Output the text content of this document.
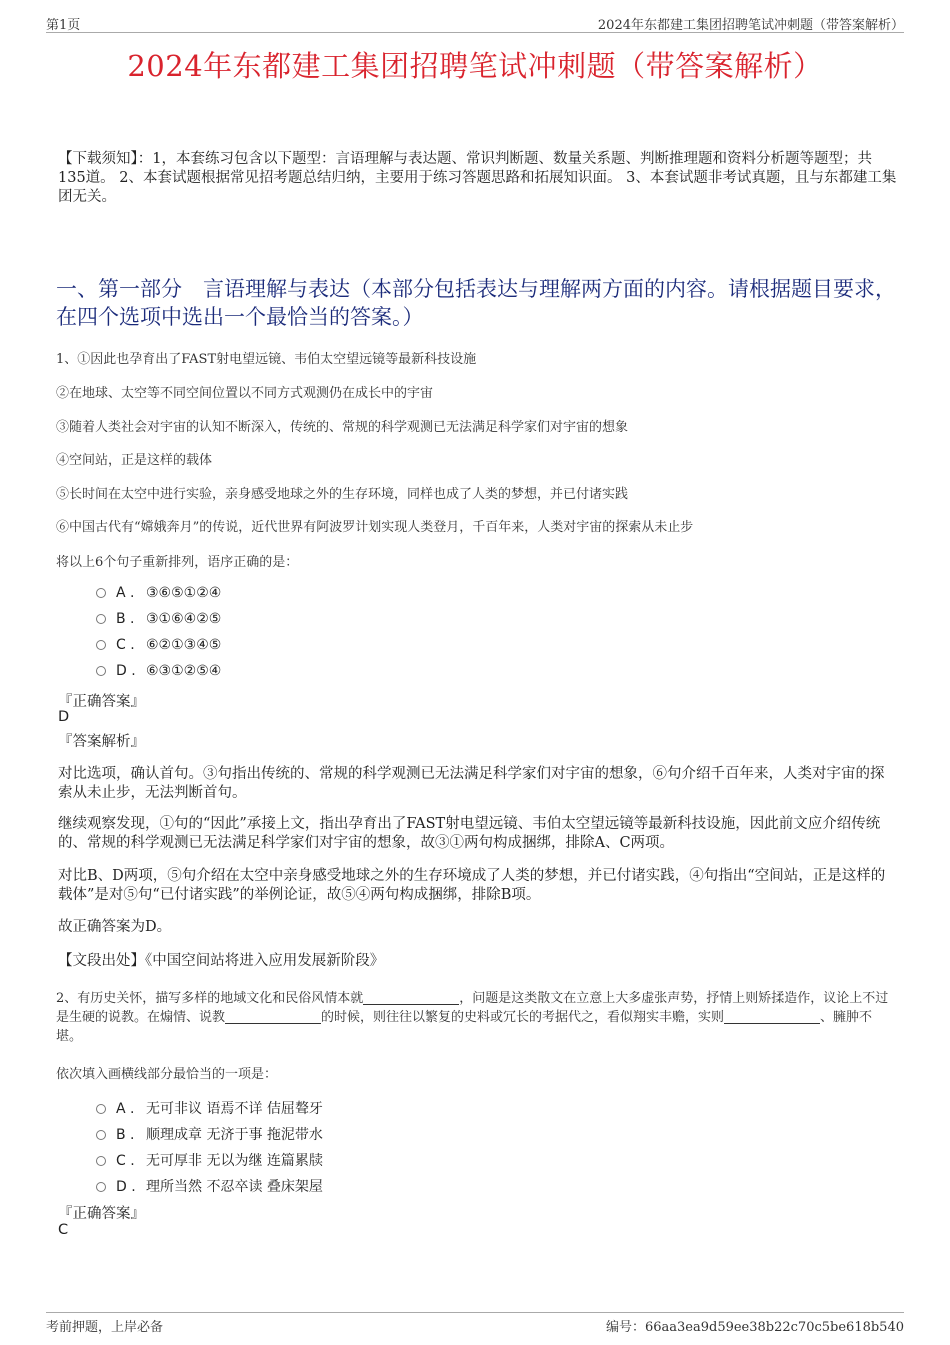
第1页	2024年东都建工集团招聘笔试冲刺题（带答案解析）
2024年东都建工集团招聘笔试冲刺题（带答案解析）
【下载须知】：1，本套练习包含以下题型：言语理解与表达题、常识判断题、数量关系题、判断推理题和资料分析题等题型；共135道。 2、本套试题根据常见招考题总结归纳，主要用于练习答题思路和拓展知识面。 3、本套试题非考试真题，且与东都建工集团无关。
一、第一部分　言语理解与表达（本部分包括表达与理解两方面的内容。请根据题目要求，在四个选项中选出一个最恰当的答案。）
1、①因此也孕育出了FAST射电望远镜、韦伯太空望远镜等最新科技设施
②在地球、太空等不同空间位置以不同方式观测仍在成长中的宇宙
③随着人类社会对宇宙的认知不断深入，传统的、常规的科学观测已无法满足科学家们对宇宙的想象
④空间站，正是这样的载体
⑤长时间在太空中进行实验，亲身感受地球之外的生存环境，同样也成了人类的梦想，并已付诸实践
⑥中国古代有“嫦娥奔月”的传说，近代世界有阿波罗计划实现人类登月，千百年来，人类对宇宙的探索从未止步
将以上6个句子重新排列，语序正确的是：
A . ③⑥⑤①②④
B . ③①⑥④②⑤
C . ⑥②①③④⑤
D . ⑥③①②⑤④
『正确答案』
D
『答案解析』
对比选项，确认首句。③句指出传统的、常规的科学观测已无法满足科学家们对宇宙的想象，⑥句介绍千百年来，人类对宇宙的探索从未止步，无法判断首句。
继续观察发现，①句的“因此”承接上文，指出孕育出了FAST射电望远镜、韦伯太空望远镜等最新科技设施，因此前文应介绍传统的、常规的科学观测已无法满足科学家们对宇宙的想象，故③①两句构成捆绑，排除A、C两项。
对比B、D两项，⑤句介绍在太空中亲身感受地球之外的生存环境成了人类的梦想，并已付诸实践，④句指出“空间站，正是这样的载体”是对⑤句“已付诸实践”的举例论证，故⑤④两句构成捆绑，排除B项。
故正确答案为D。
【文段出处】《中国空间站将进入应用发展新阶段》
2、有历史关怀，描写多样的地域文化和民俗风情本就	，问题是这类散文在立意上大多虚张声势，抒情上则矫揉造作，议论上不过是生硬的说教。在煽情、说教	的时候，则往往以繁复的史料或冗长的考据代之，看似翔实丰赡，实则	、臃肿不堪。
依次填入画横线部分最恰当的一项是：
A . 无可非议 语焉不详 佶屈聱牙
B . 顺理成章 无济于事 拖泥带水
C . 无可厚非 无以为继 连篇累牍
D . 理所当然 不忍卒读 叠床架屋
『正确答案』
C
考前押题，上岸必备	编号：66aa3ea9d59ee38b22c70c5be618b540
